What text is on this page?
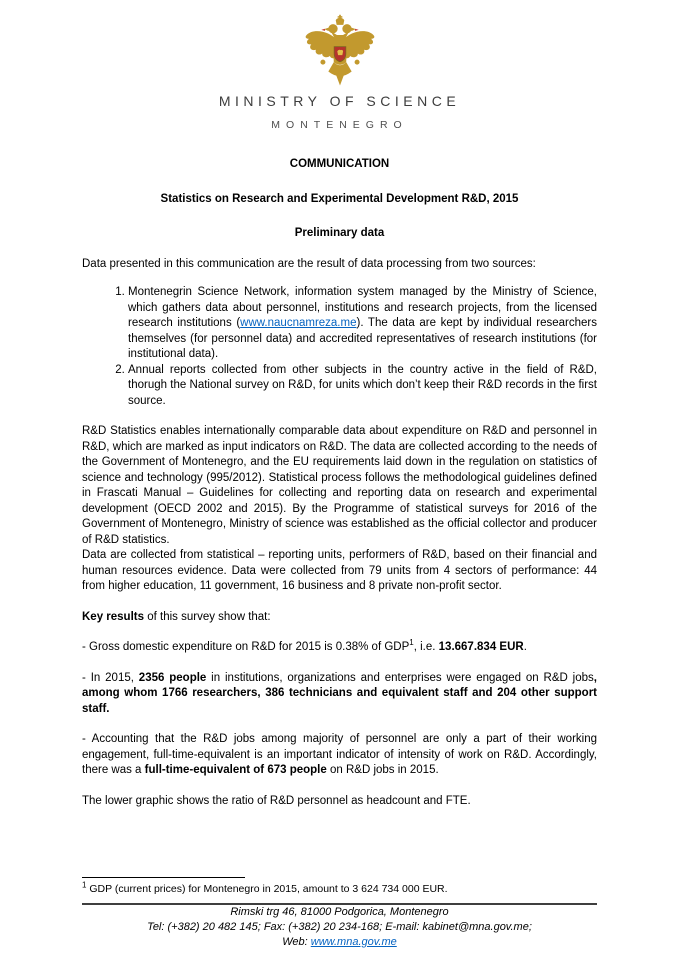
MINISTRY OF SCIENCE
MONTENEGRO
COMMUNICATION
Statistics on Research and Experimental Development R&D, 2015
Preliminary data

Data presented in this communication are the result of data processing from two sources:

1. Montenegrin Science Network, information system managed by the Ministry of Science, which gathers data about personnel, institutions and research projects, from the licensed research institutions (www.naucnamreza.me). The data are kept by individual researchers themselves (for personnel data) and accredited representatives of research institutions (for institutional data).
2. Annual reports collected from other subjects in the country active in the field of R&D, thorugh the National survey on R&D, for units which don’t keep their R&D records in the first source.

R&D Statistics enables internationally comparable data about expenditure on R&D and personnel in R&D, which are marked as input indicators on R&D. The data are collected according to the needs of the Government of Montenegro, and the EU requirements laid down in the regulation on statistics of science and technology (995/2012). Statistical process follows the methodological guidelines defined in Frascati Manual – Guidelines for collecting and reporting data on research and experimental development (OECD 2002 and 2015). By the Programme of statistical surveys for 2016 of the Government of Montenegro, Ministry of science was established as the official collector and producer of R&D statistics.

Data are collected from statistical – reporting units, performers of R&D, based on their financial and human resources evidence. Data were collected from 79 units from 4 sectors of performance: 44 from higher education, 11 government, 16 business and 8 private non-profit sector.

Key results of this survey show that:

- Gross domestic expenditure on R&D for 2015 is 0.38% of GDP$^1$, i.e. 13.667.834 EUR.

- In 2015, 2356 people in institutions, organizations and enterprises were engaged on R&D jobs, among whom 1766 researchers, 386 technicians and equivalent staff and 204 other support staff.

- Accounting that the R&D jobs among majority of personnel are only a part of their working engagement, full-time-equivalent is an important indicator of intensity of work on R&D. Accordingly, there was a full-time-equivalent of 673 people on R&D jobs in 2015.

The lower graphic shows the ratio of R&D personnel as headcount and FTE.

$^1$ GDP (current prices) for Montenegro in 2015, amount to 3 624 734 000 EUR.

Rimski trg 46, 81000 Podgorica, Montenegro

Tel: (+382) 20 482 145; Fax: (+382) 20 234-168; E-mail: kabinet@mna.gov.me;

Web: www.mna.gov.me
